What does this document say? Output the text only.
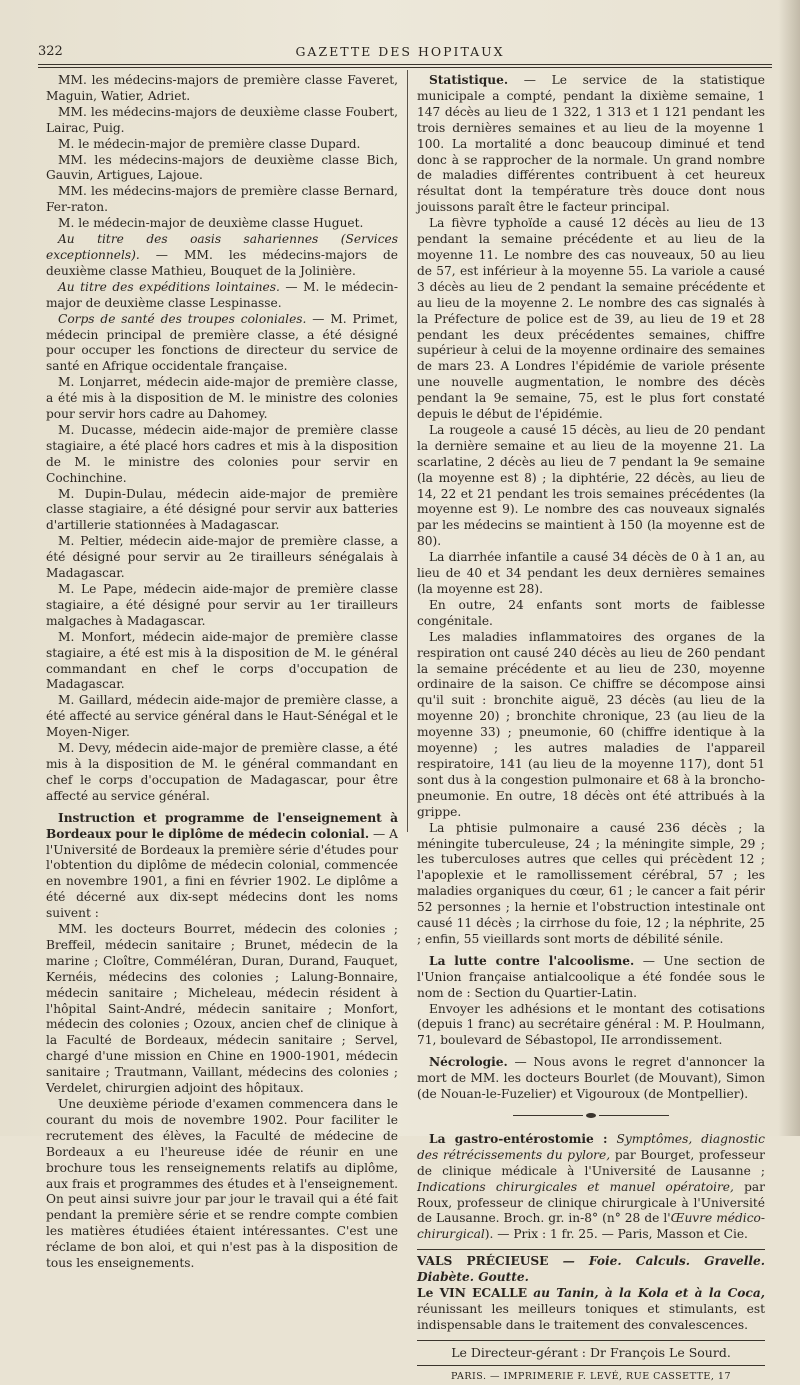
322	GAZETTE DES HOPITAUX

MM. les médecins-majors de première classe Faveret, Maguin, Watier, Adriet.

MM. les médecins-majors de deuxième classe Foubert, Lairac, Puig.

M. le médecin-major de première classe Dupard.

MM. les médecins-majors de deuxième classe Bich, Gauvin, Artigues, Lajoue.

MM. les médecins-majors de première classe Bernard, Fer-raton.

M. le médecin-major de deuxième classe Huguet.

Au titre des oasis sahariennes (Services exceptionnels). — MM. les médecins-majors de deuxième classe Mathieu, Bouquet de la Jolinière.

Au titre des expéditions lointaines. — M. le médecin-major de deuxième classe Lespinasse.

Corps de santé des troupes coloniales. — M. Primet, médecin principal de première classe, a été désigné pour occuper les fonctions de directeur du service de santé en Afrique occidentale française.

M. Lonjarret, médecin aide-major de première classe, a été mis à la disposition de M. le ministre des colonies pour servir hors cadre au Dahomey.

M. Ducasse, médecin aide-major de première classe stagiaire, a été placé hors cadres et mis à la disposition de M. le ministre des colonies pour servir en Cochinchine.

M. Dupin-Dulau, médecin aide-major de première classe stagiaire, a été désigné pour servir aux batteries d'artillerie stationnées à Madagascar.

M. Peltier, médecin aide-major de première classe, a été désigné pour servir au 2e tirailleurs sénégalais à Madagascar.

M. Le Pape, médecin aide-major de première classe stagiaire, a été désigné pour servir au 1er tirailleurs malgaches à Madagascar.

M. Monfort, médecin aide-major de première classe stagiaire, a été est mis à la disposition de M. le général commandant en chef le corps d'occupation de Madagascar.

M. Gaillard, médecin aide-major de première classe, a été affecté au service général dans le Haut-Sénégal et le Moyen-Niger.

M. Devy, médecin aide-major de première classe, a été mis à la disposition de M. le général commandant en chef le corps d'occupation de Madagascar, pour être affecté au service général.

Instruction et programme de l'enseignement à Bordeaux pour le diplôme de médecin colonial. — A l'Université de Bordeaux la première série d'études pour l'obtention du diplôme de médecin colonial, commencée en novembre 1901, a fini en février 1902. Le diplôme a été décerné aux dix-sept médecins dont les noms suivent :

MM. les docteurs Bourret, médecin des colonies ; Breffeil, médecin sanitaire ; Brunet, médecin de la marine ; Cloître, Comméléran, Duran, Durand, Fauquet, Kernéis, médecins des colonies ; Lalung-Bonnaire, médecin sanitaire ; Micheleau, médecin résident à l'hôpital Saint-André, médecin sanitaire ; Monfort, médecin des colonies ; Ozoux, ancien chef de clinique à la Faculté de Bordeaux, médecin sanitaire ; Servel, chargé d'une mission en Chine en 1900-1901, médecin sanitaire ; Trautmann, Vaillant, médecins des colonies ; Verdelet, chirurgien adjoint des hôpitaux.

Une deuxième période d'examen commencera dans le courant du mois de novembre 1902. Pour faciliter le recrutement des élèves, la Faculté de médecine de Bordeaux a eu l'heureuse idée de réunir en une brochure tous les renseignements relatifs au diplôme, aux frais et programmes des études et à l'enseignement. On peut ainsi suivre jour par jour le travail qui a été fait pendant la première série et se rendre compte combien les matières étudiées étaient intéressantes. C'est une réclame de bon aloi, et qui n'est pas à la disposition de tous les enseignements.

Statistique. — Le service de la statistique municipale a compté, pendant la dixième semaine, 1 147 décès au lieu de 1 322, 1 313 et 1 121 pendant les trois dernières semaines et au lieu de la moyenne 1 100. La mortalité a donc beaucoup diminué et tend donc à se rapprocher de la normale. Un grand nombre de maladies différentes contribuent à cet heureux résultat dont la température très douce dont nous jouissons paraît être le facteur principal.

La fièvre typhoïde a causé 12 décès au lieu de 13 pendant la semaine précédente et au lieu de la moyenne 11. Le nombre des cas nouveaux, 50 au lieu de 57, est inférieur à la moyenne 55. La variole a causé 3 décès au lieu de 2 pendant la semaine précédente et au lieu de la moyenne 2. Le nombre des cas signalés à la Préfecture de police est de 39, au lieu de 19 et 28 pendant les deux précédentes semaines, chiffre supérieur à celui de la moyenne ordinaire des semaines de mars 23. A Londres l'épidémie de variole présente une nouvelle augmentation, le nombre des décès pendant la 9e semaine, 75, est le plus fort constaté depuis le début de l'épidémie.

La rougeole a causé 15 décès, au lieu de 20 pendant la dernière semaine et au lieu de la moyenne 21. La scarlatine, 2 décès au lieu de 7 pendant la 9e semaine (la moyenne est 8) ; la diphtérie, 22 décès, au lieu de 14, 22 et 21 pendant les trois semaines précédentes (la moyenne est 9). Le nombre des cas nouveaux signalés par les médecins se maintient à 150 (la moyenne est de 80).

La diarrhée infantile a causé 34 décès de 0 à 1 an, au lieu de 40 et 34 pendant les deux dernières semaines (la moyenne est 28).

En outre, 24 enfants sont morts de faiblesse congénitale.

Les maladies inflammatoires des organes de la respiration ont causé 240 décès au lieu de 260 pendant la semaine précédente et au lieu de 230, moyenne ordinaire de la saison. Ce chiffre se décompose ainsi qu'il suit : bronchite aiguë, 23 décès (au lieu de la moyenne 20) ; bronchite chronique, 23 (au lieu de la moyenne 33) ; pneumonie, 60 (chiffre identique à la moyenne) ; les autres maladies de l'appareil respiratoire, 141 (au lieu de la moyenne 117), dont 51 sont dus à la congestion pulmonaire et 68 à la broncho-pneumonie. En outre, 18 décès ont été attribués à la grippe.

La phtisie pulmonaire a causé 236 décès ; la méningite tuberculeuse, 24 ; la méningite simple, 29 ; les tuberculoses autres que celles qui précèdent 12 ; l'apoplexie et le ramollissement cérébral, 57 ; les maladies organiques du cœur, 61 ; le cancer a fait périr 52 personnes ; la hernie et l'obstruction intestinale ont causé 11 décès ; la cirrhose du foie, 12 ; la néphrite, 25 ; enfin, 55 vieillards sont morts de débilité sénile.

La lutte contre l'alcoolisme. — Une section de l'Union française antialcoolique a été fondée sous le nom de : Section du Quartier-Latin.

Envoyer les adhésions et le montant des cotisations (depuis 1 franc) au secrétaire général : M. P. Houlmann, 71, boulevard de Sébastopol, IIe arrondissement.

Nécrologie. — Nous avons le regret d'annoncer la mort de MM. les docteurs Bourlet (de Mouvant), Simon (de Nouan-le-Fuzelier) et Vigouroux (de Montpellier).

La gastro-entérostomie : Symptômes, diagnostic des rétrécissements du pylore, par Bourget, professeur de clinique médicale à l'Université de Lausanne ; Indications chirurgicales et manuel opératoire, par Roux, professeur de clinique chirurgicale à l'Université de Lausanne. Broch. gr. in-8° (n° 28 de l'Œuvre médico-chirurgical). — Prix : 1 fr. 25. — Paris, Masson et Cie.

VALS PRÉCIEUSE — Foie. Calculs. Gravelle. Diabète. Goutte.

Le VIN ECALLE au Tanin, à la Kola et à la Coca, réunissant les meilleurs toniques et stimulants, est indispensable dans le traitement des convalescences.

Le Directeur-gérant : Dr François Le Sourd.
PARIS. — IMPRIMERIE F. LEVÉ, RUE CASSETTE, 17
